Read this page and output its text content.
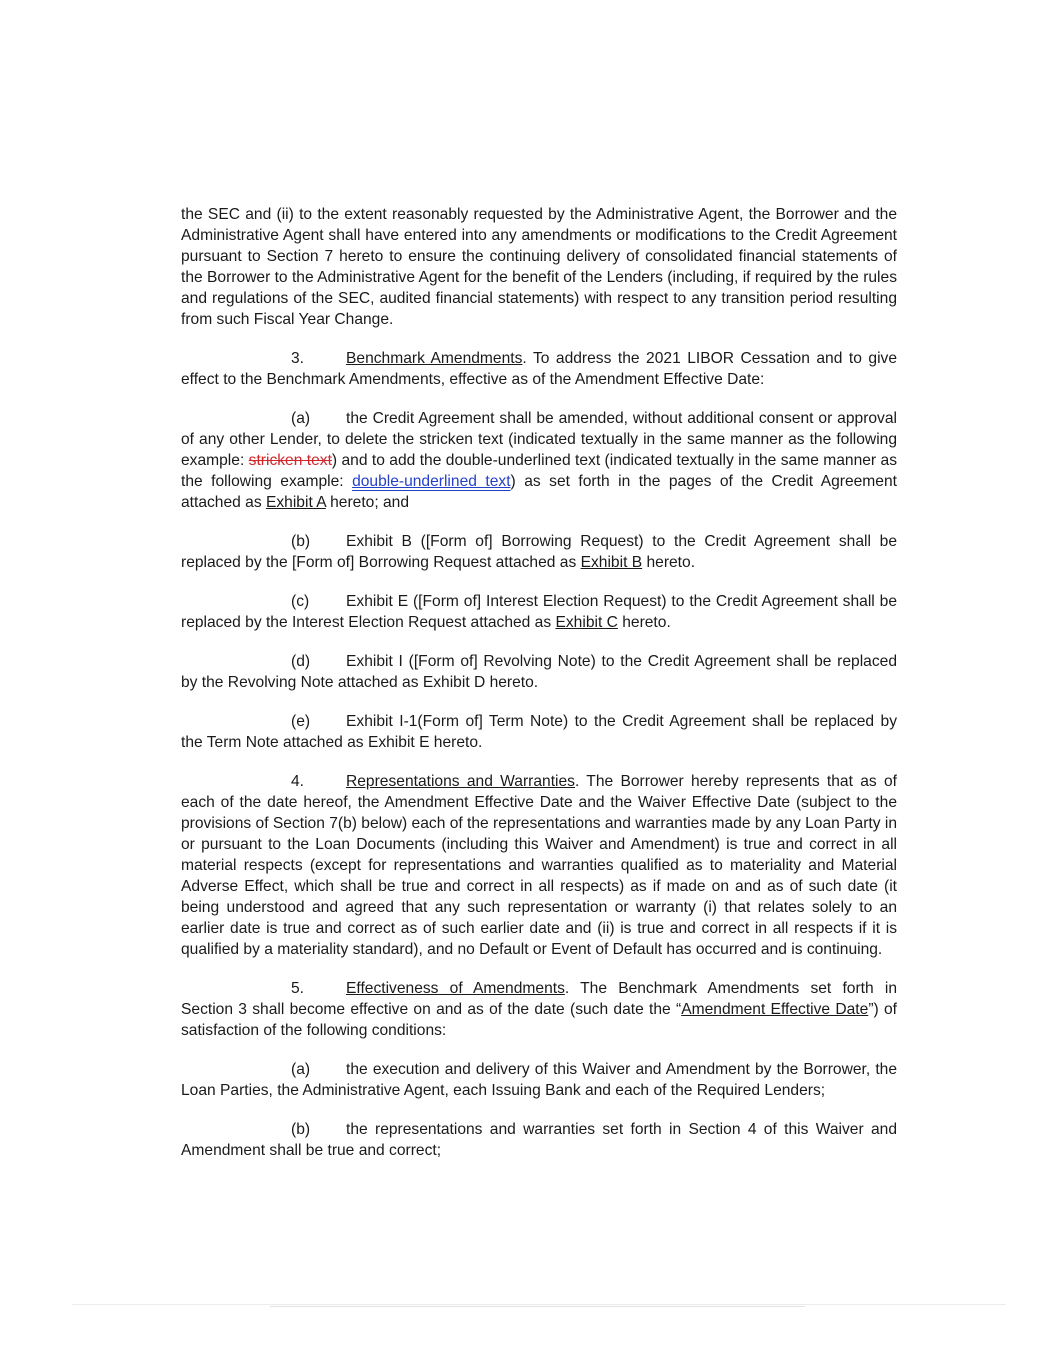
the SEC and (ii) to the extent reasonably requested by the Administrative Agent, the Borrower and the Administrative Agent shall have entered into any amendments or modifications to the Credit Agreement pursuant to Section 7 hereto to ensure the continuing delivery of consolidated financial statements of the Borrower to the Administrative Agent for the benefit of the Lenders (including, if required by the rules and regulations of the SEC, audited financial statements) with respect to any transition period resulting from such Fiscal Year Change.

3.	Benchmark Amendments. To address the 2021 LIBOR Cessation and to give effect to the Benchmark Amendments, effective as of the Amendment Effective Date:

(a) the Credit Agreement shall be amended, without additional consent or approval of any other Lender, to delete the stricken text (indicated textually in the same manner as the following example: stricken text) and to add the double-underlined text (indicated textually in the same manner as the following example: double-underlined text) as set forth in the pages of the Credit Agreement attached as Exhibit A hereto; and

(b) Exhibit B ([Form of] Borrowing Request) to the Credit Agreement shall be replaced by the [Form of] Borrowing Request attached as Exhibit B hereto.

(c) Exhibit E ([Form of] Interest Election Request) to the Credit Agreement shall be replaced by the Interest Election Request attached as Exhibit C hereto.

(d) Exhibit I ([Form of] Revolving Note) to the Credit Agreement shall be replaced by the Revolving Note attached as Exhibit D hereto.

(e) Exhibit I-1(Form of] Term Note) to the Credit Agreement shall be replaced by the Term Note attached as Exhibit E hereto.

4.	Representations and Warranties. The Borrower hereby represents that as of each of the date hereof, the Amendment Effective Date and the Waiver Effective Date (subject to the provisions of Section 7(b) below) each of the representations and warranties made by any Loan Party in or pursuant to the Loan Documents (including this Waiver and Amendment) is true and correct in all material respects (except for representations and warranties qualified as to materiality and Material Adverse Effect, which shall be true and correct in all respects) as if made on and as of such date (it being understood and agreed that any such representation or warranty (i) that relates solely to an earlier date is true and correct as of such earlier date and (ii) is true and correct in all respects if it is qualified by a materiality standard), and no Default or Event of Default has occurred and is continuing.

5.	Effectiveness of Amendments. The Benchmark Amendments set forth in Section 3 shall become effective on and as of the date (such date the “Amendment Effective Date”) of satisfaction of the following conditions:

(a) the execution and delivery of this Waiver and Amendment by the Borrower, the Loan Parties, the Administrative Agent, each Issuing Bank and each of the Required Lenders;

(b) the representations and warranties set forth in Section 4 of this Waiver and Amendment shall be true and correct;
